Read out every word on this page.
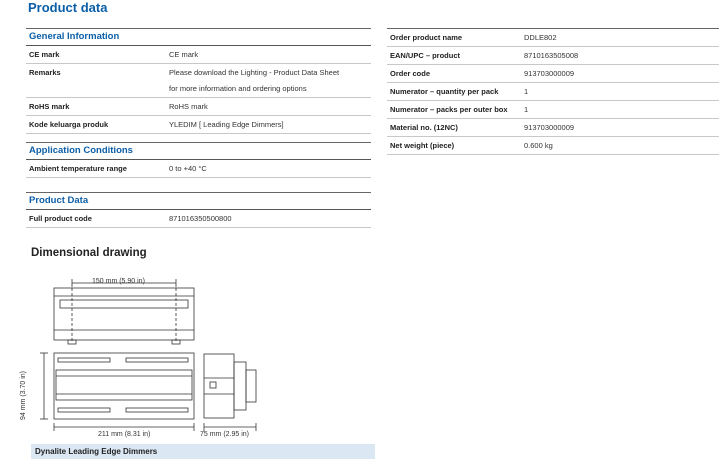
Product data
General Information
CE mark	CE mark
Remarks	Please download the Lighting - Product Data Sheet
for more information and ordering options
RoHS mark	RoHS mark
Kode keluarga produk	YLEDIM [ Leading Edge Dimmers]
Application Conditions
Ambient temperature range	0 to +40 °C
Product Data
Full product code	871016350500800
Order product name	DDLE802
EAN/UPC – product	8710163505008
Order code	913703000009
Numerator – quantity per pack	1
Numerator – packs per outer box	1
Material no. (12NC)	913703000009
Net weight (piece)	0.600 kg
Dimensional drawing
150 mm (5.90 in)
94 mm (3.70 in)
211 mm (8.31 in)	75 mm (2.95 in)
Dynalite Leading Edge Dimmers
